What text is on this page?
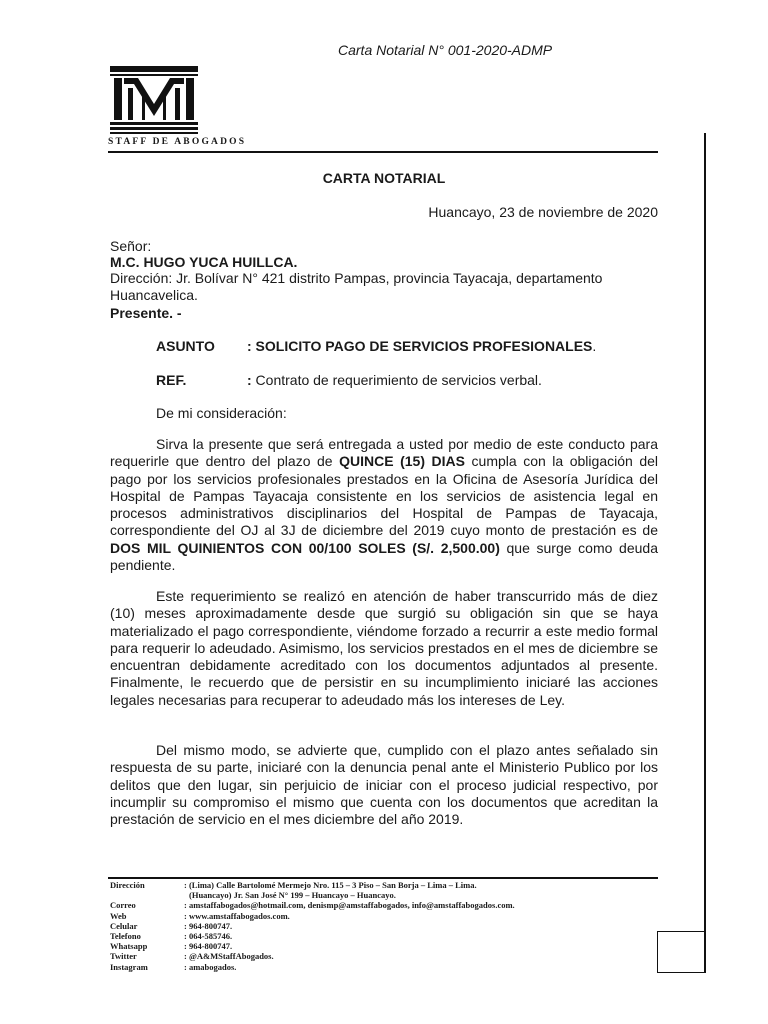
Carta Notarial N° 001-2020-ADMP
STAFF DE ABOGADOS
CARTA NOTARIAL
Huancayo, 23 de noviembre de 2020
Señor:
M.C. HUGO YUCA HUILLCA.
Dirección: Jr. Bolívar N° 421 distrito Pampas, provincia Tayacaja, departamento Huancavelica.
Presente. -
ASUNTO : SOLICITO PAGO DE SERVICIOS PROFESIONALES.
REF.	: Contrato de requerimiento de servicios verbal.
De mi consideración:

Sirva la presente que será entregada a usted por medio de este conducto para requerirle que dentro del plazo de QUINCE (15) DIAS cumpla con la obligación del pago por los servicios profesionales prestados en la Oficina de Asesoría Jurídica del Hospital de Pampas Tayacaja consistente en los servicios de asistencia legal en procesos administrativos disciplinarios del Hospital de Pampas de Tayacaja, correspondiente del OJ al 3J de diciembre del 2019 cuyo monto de prestación es de DOS MIL QUINIENTOS CON 00/100 SOLES (S/. 2,500.00) que surge como deuda pendiente.

Este requerimiento se realizó en atención de haber transcurrido más de diez (10) meses aproximadamente desde que surgió su obligación sin que se haya materializado el pago correspondiente, viéndome forzado a recurrir a este medio formal para requerir lo adeudado. Asimismo, los servicios prestados en el mes de diciembre se encuentran debidamente acreditado con los documentos adjuntados al presente. Finalmente, le recuerdo que de persistir en su incumplimiento iniciaré las acciones legales necesarias para recuperar to adeudado más los intereses de Ley.

Del mismo modo, se advierte que, cumplido con el plazo antes señalado sin respuesta de su parte, iniciaré con la denuncia penal ante el Ministerio Publico por los delitos que den lugar, sin perjuicio de iniciar con el proceso judicial respectivo, por incumplir su compromiso el mismo que cuenta con los documentos que acreditan la prestación de servicio en el mes diciembre del año 2019.

Dirección	: (Lima) Calle Bartolomé Mermejo Nro. 115 – 3 Piso – San Borja – Lima – Lima.
(Huancayo) Jr. San José N° 199 – Huancayo – Huancayo.
Correo	: amstaffabogados@hotmail.com, denismp@amstaffabogados, info@amstaffabogados.com.
Web	: www.amstaffabogados.com.
Celular	: 964-800747.
Telefono	: 064-585746.
Whatsapp	: 964-800747.
Twitter	: @A&MStaffAbogados.
Instagram	: amabogados.
